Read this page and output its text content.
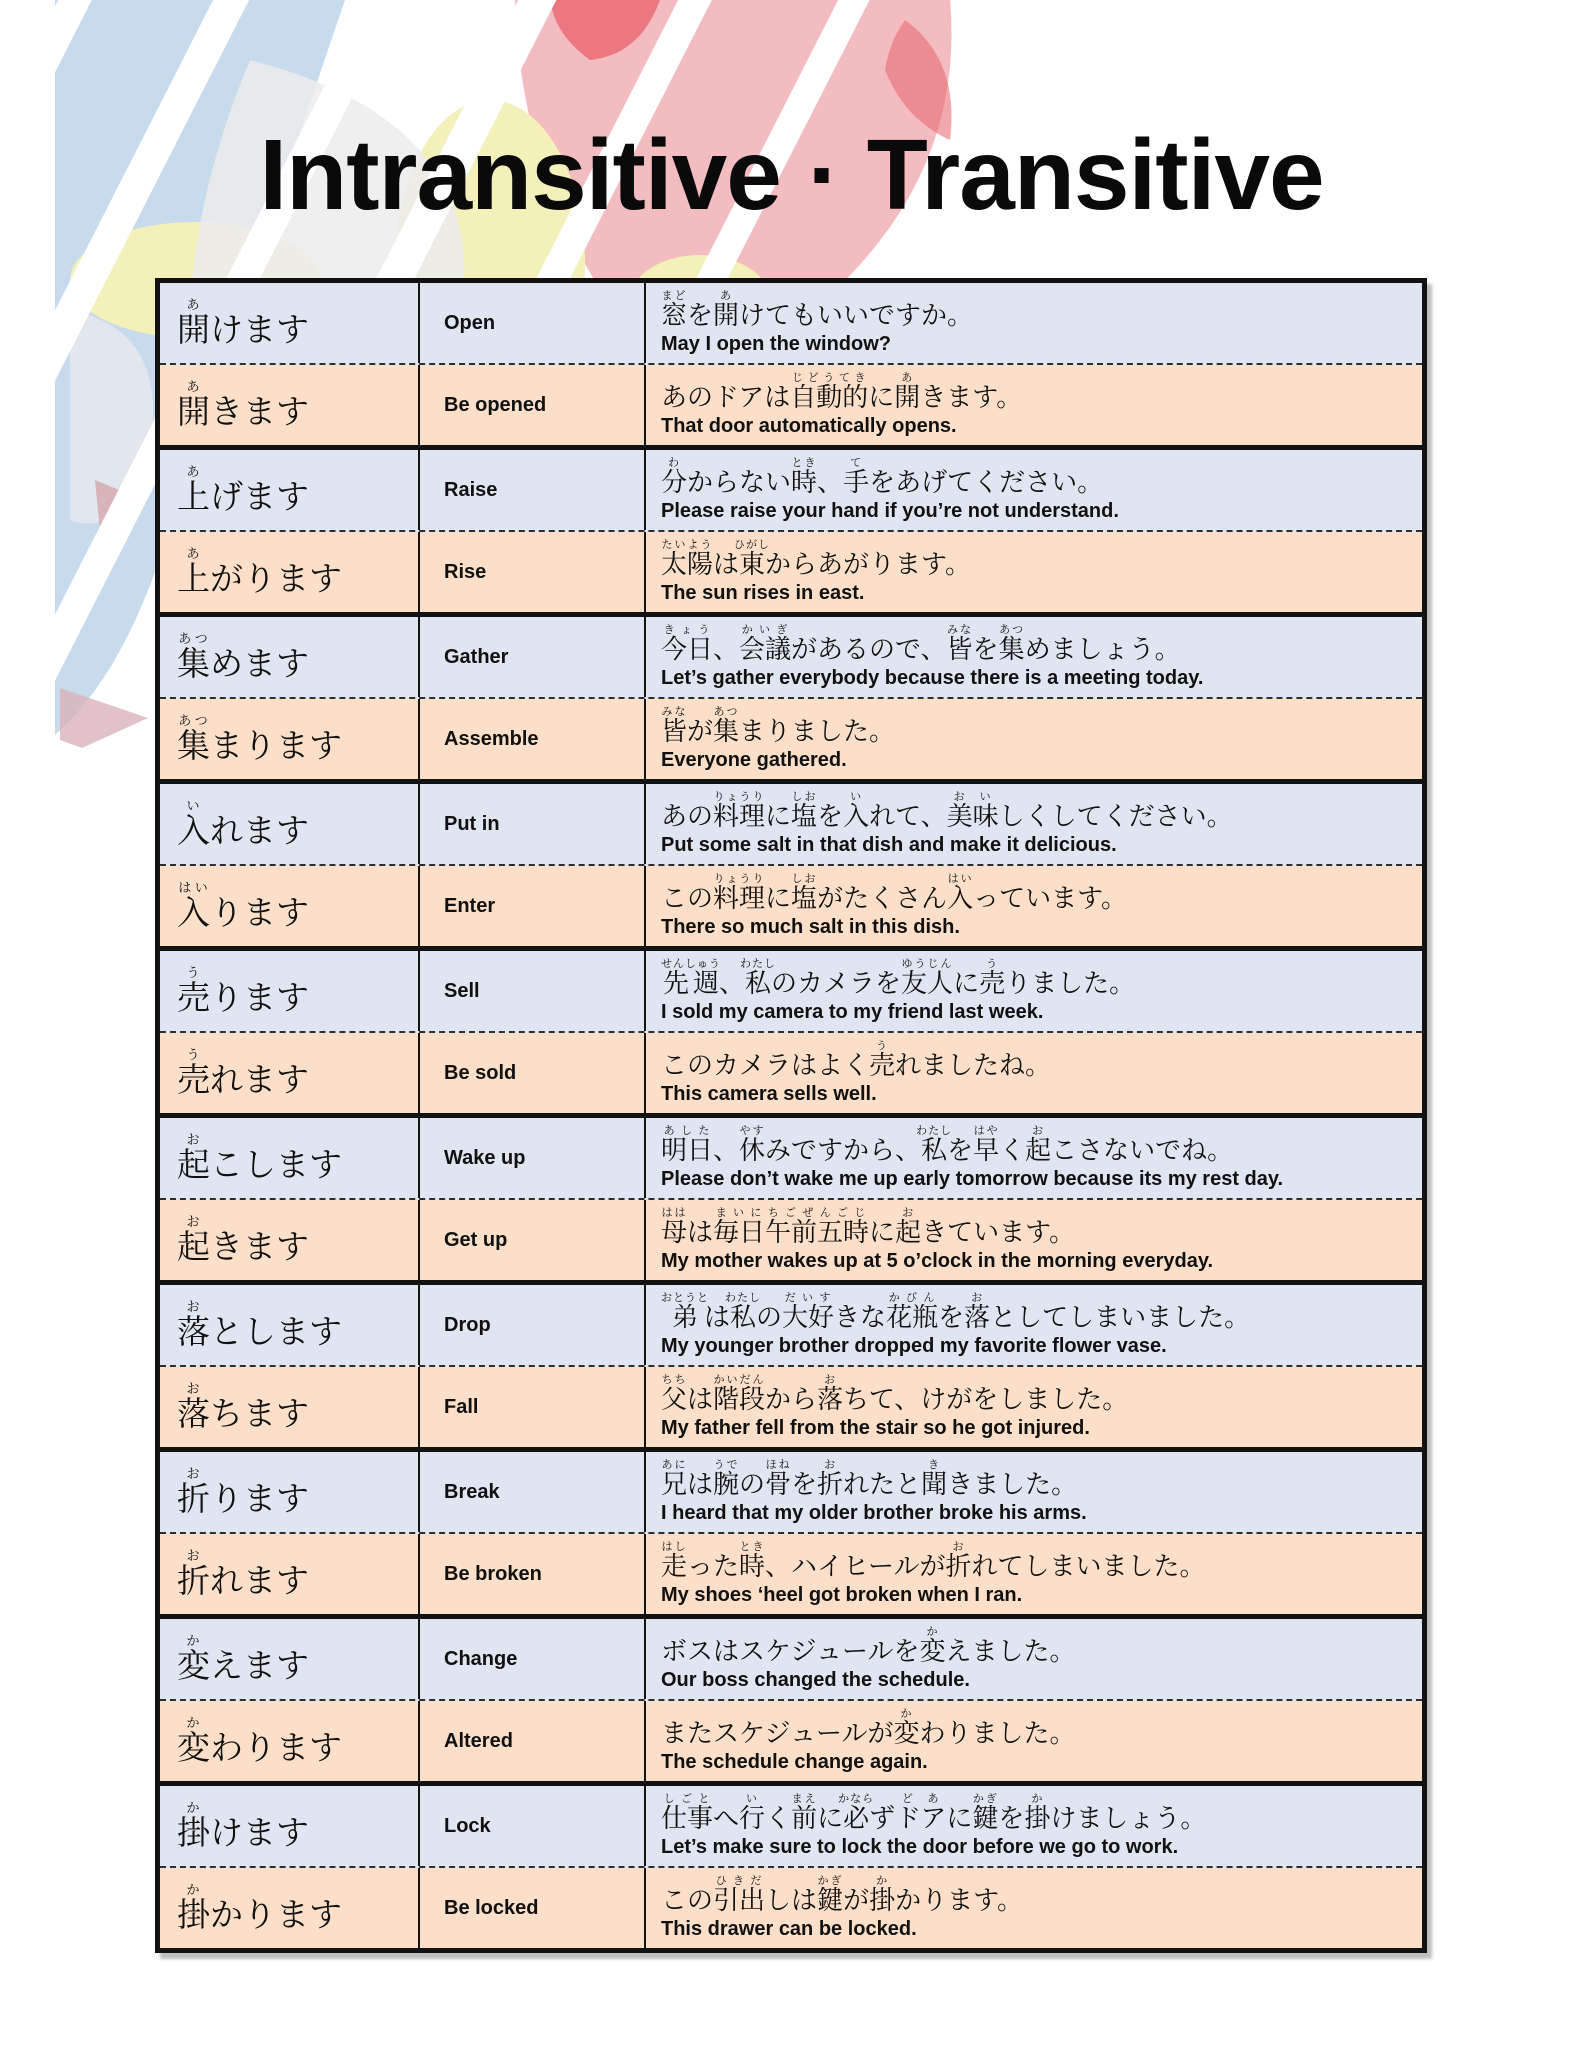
Intransitive · Transitive
開あけます	Open	窓まどを開あけてもいいですか。
May I open the window?
開あきます	Be opened	あのドアは自動的じどうてきに開あきます。
That door automatically opens.
上あげます	Raise	分わからない時とき、手てをあげてください。
Please raise your hand if you’re not understand.
上あがります	Rise	太陽たいようは東ひがしからあがります。
The sun rises in east.
集あつめます	Gather	今日きょう、会議かいぎがあるので、皆みなを集あつめましょう。
Let’s gather everybody because there is a meeting today.
集あつまります	Assemble	皆みなが集あつまりました。
Everyone gathered.
入いれます	Put in	あの料理りょうりに塩しおを入いれて、美味おいしくしてください。
Put some salt in that dish and make it delicious.
入はいります	Enter	この料理りょうりに塩しおがたくさん入はいっています。
There so much salt in this dish.
売うります	Sell	先週せんしゅう、私わたしのカメラを友人ゆうじんに売うりました。
I sold my camera to my friend last week.
売うれます	Be sold	このカメラはよく売うれましたね。
This camera sells well.
起おこします	Wake up	明日あした、休やすみですから、私わたしを早はやく起おこさないでね。
Please don’t wake me up early tomorrow because its my rest day.
起おきます	Get up	母ははは毎日午前五時まいにちごぜんごじに起おきています。
My mother wakes up at 5 o’clock in the morning everyday.
落おとします	Drop	弟おとうとは私わたしの大好だいすきな花瓶かびんを落おとしてしまいました。
My younger brother dropped my favorite flower vase.
落おちます	Fall	父ちちは階段かいだんから落おちて、けがをしました。
My father fell from the stair so he got injured.
折おります	Break	兄あには腕うでの骨ほねを折おれたと聞ききました。
I heard that my older brother broke his arms.
折おれます	Be broken	走はしった時とき、ハイヒールが折おれてしまいました。
My shoes ‘heel got broken when I ran.
変かえます	Change	ボスはスケジュールを変かえました。
Our boss changed the schedule.
変かわります	Altered	またスケジュールが変かわりました。
The schedule change again.
掛かけます	Lock	仕事しごとへ行いく前まえに必かならずドアどあに鍵かぎを掛かけましょう。
Let’s make sure to lock the door before we go to work.
掛かかります	Be locked	この引出ひきだしは鍵かぎが掛かかります。
This drawer can be locked.
